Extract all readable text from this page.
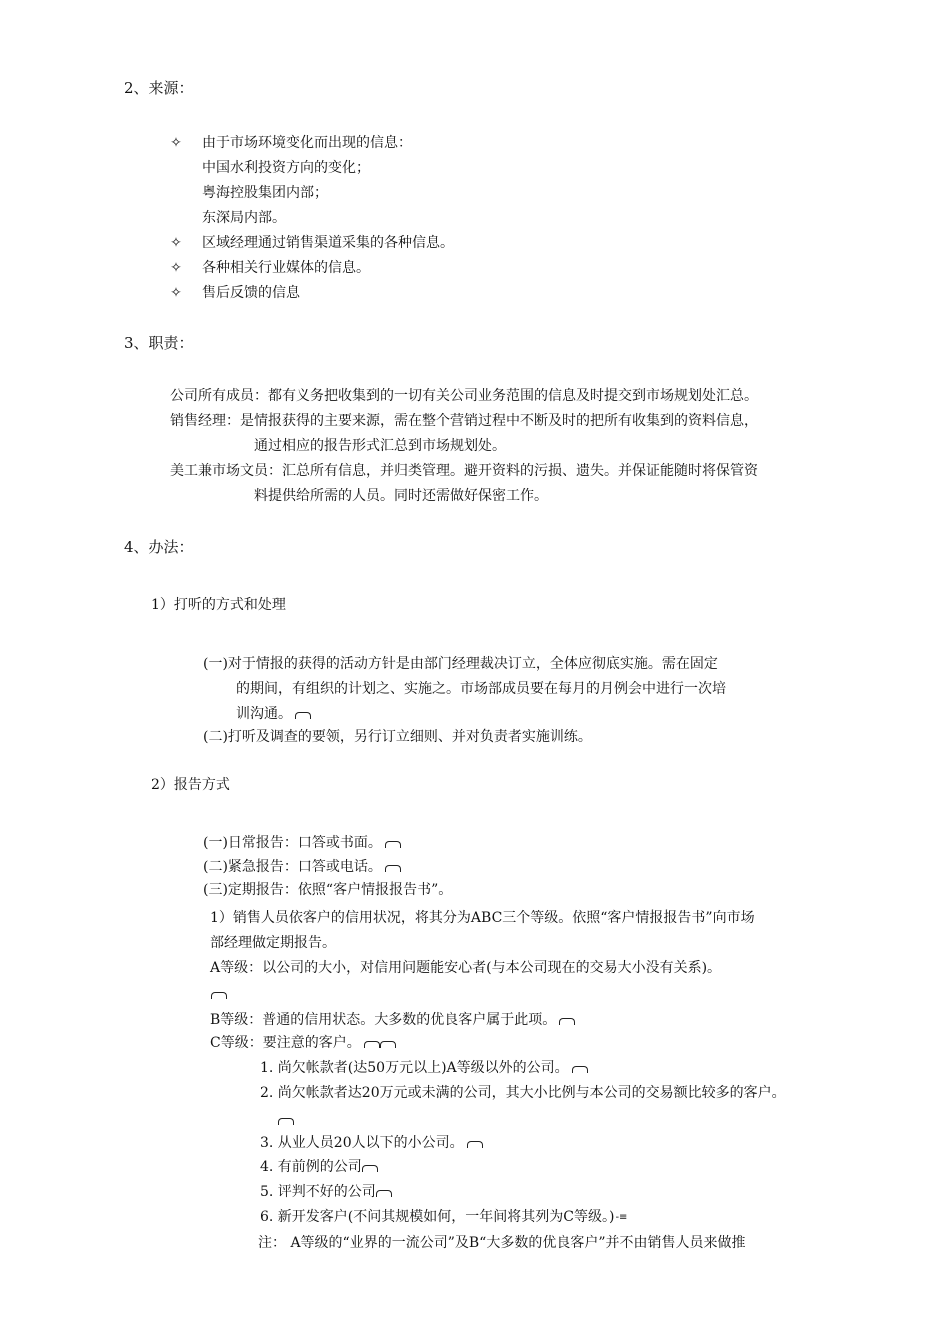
2、来源：
✧ 由于市场环境变化而出现的信息：
中国水利投资方向的变化；
粤海控股集团内部；
东深局内部。
✧ 区域经理通过销售渠道采集的各种信息。
✧ 各种相关行业媒体的信息。
✧ 售后反馈的信息
3、职责：
公司所有成员：都有义务把收集到的一切有关公司业务范围的信息及时提交到市场规划处汇总。
销售经理：是情报获得的主要来源，需在整个营销过程中不断及时的把所有收集到的资料信息，
通过相应的报告形式汇总到市场规划处。
美工兼市场文员：汇总所有信息，并归类管理。避开资料的污损、遗失。并保证能随时将保管资
料提供给所需的人员。同时还需做好保密工作。
4、办法：
1）打听的方式和处理
(一)对于情报的获得的活动方针是由部门经理裁决订立，全体应彻底实施。需在固定
的期间，有组织的计划之、实施之。市场部成员要在每月的月例会中进行一次培
训沟通。
(二)打听及调查的要领，另行订立细则、并对负责者实施训练。
2）报告方式
(一)日常报告：口答或书面。
(二)紧急报告：口答或电话。
(三)定期报告：依照“客户情报报告书”。
1）销售人员依客户的信用状况，将其分为ABC三个等级。依照“客户情报报告书”向市场
部经理做定期报告。
A等级：以公司的大小，对信用问题能安心者(与本公司现在的交易大小没有关系)。
B等级：普通的信用状态。大多数的优良客户属于此项。
C等级：要注意的客户。
1. 尚欠帐款者(达50万元以上)A等级以外的公司。
2. 尚欠帐款者达20万元或未满的公司，其大小比例与本公司的交易额比较多的客户。
3. 从业人员20人以下的小公司。
4. 有前例的公司
5. 评判不好的公司
6. 新开发客户(不问其规模如何，一年间将其列为C等级。)-≡
注： A等级的“业界的一流公司”及B“大多数的优良客户”并不由销售人员来做推
